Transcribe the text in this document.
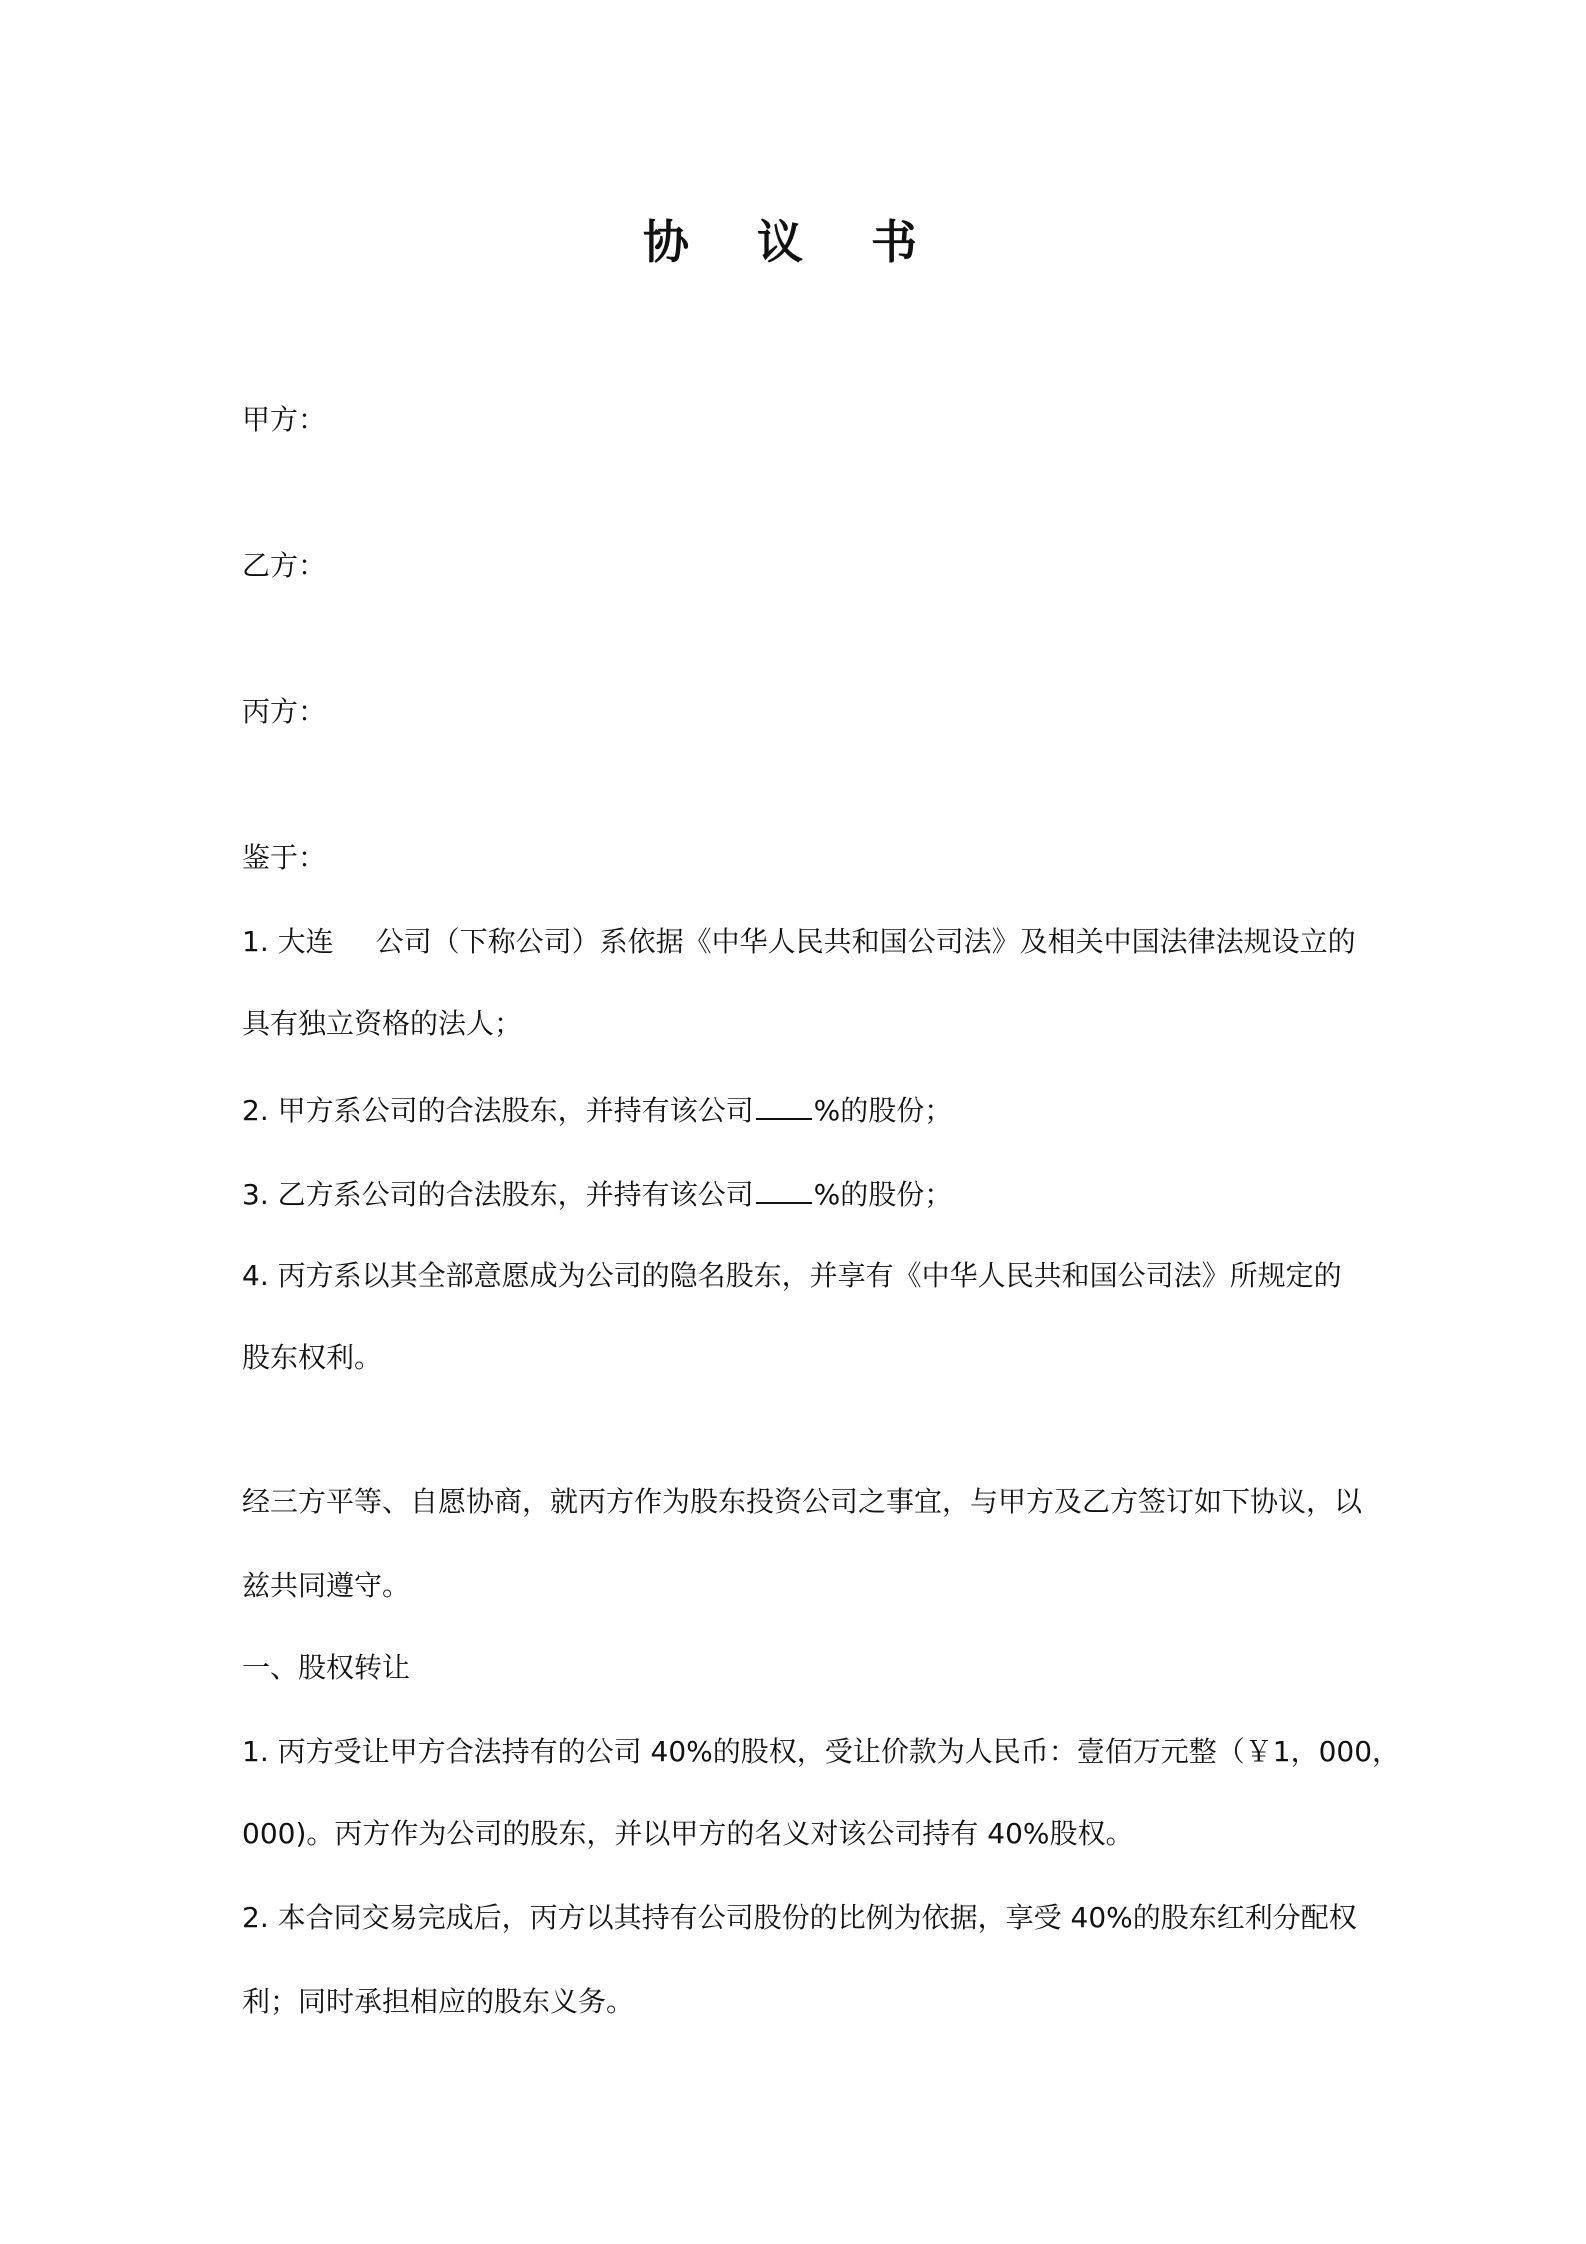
协 议 书
甲方：
乙方：
丙方：
鉴于：
1. 大连 公司（下称公司）系依据《中华人民共和国公司法》及相关中国法律法规设立的
具有独立资格的法人；
2. 甲方系公司的合法股东，并持有该公司 %的股份；
3. 乙方系公司的合法股东，并持有该公司 %的股份；
4. 丙方系以其全部意愿成为公司的隐名股东，并享有《中华人民共和国公司法》所规定的
股东权利。
经三方平等、自愿协商，就丙方作为股东投资公司之事宜，与甲方及乙方签订如下协议，以
兹共同遵守。
一、股权转让
1. 丙方受让甲方合法持有的公司 40%的股权，受让价款为人民币：壹佰万元整（￥1，000，
000)。丙方作为公司的股东，并以甲方的名义对该公司持有 40%股权。
2. 本合同交易完成后，丙方以其持有公司股份的比例为依据，享受 40%的股东红利分配权
利；同时承担相应的股东义务。
